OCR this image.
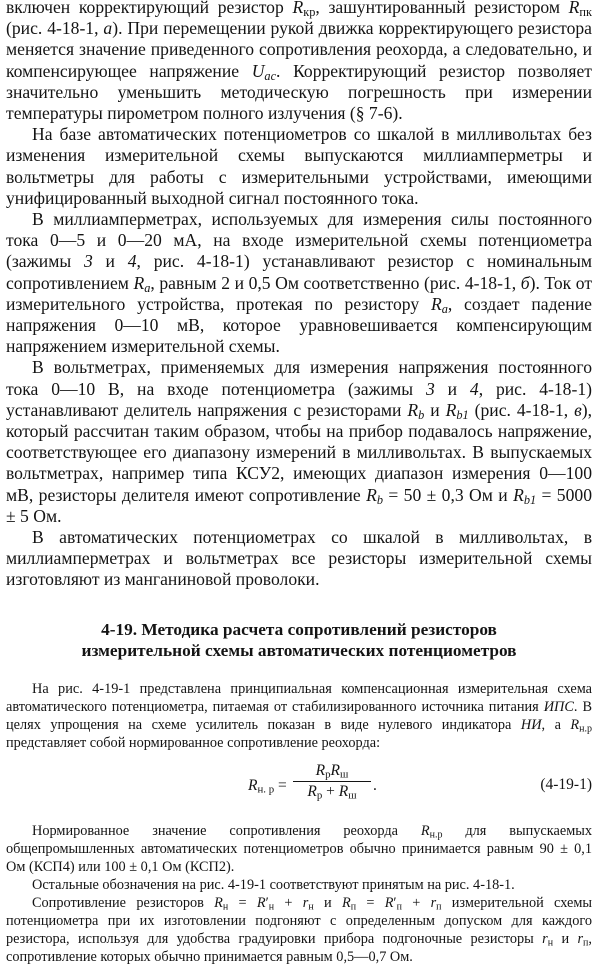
включен корректирующий резистор $R_{кр}$, зашунтированный резистором $R_{пк}$ (рис. 4-18-1, а). При перемещении рукой движка корректирующего резистора меняется значение приведенного сопротивления реохорда, а следовательно, и компенсирующее напряжение $U_{ac}$. Корректирующий резистор позволяет значительно уменьшить методическую погрешность при измерении температуры пирометром полного излучения (§ 7-6).

На базе автоматических потенциометров со шкалой в милливольтах без изменения измерительной схемы выпускаются миллиамперметры и вольтметры для работы с измерительными устройствами, имеющими унифицированный выходной сигнал постоянного тока.

В миллиамперметрах, используемых для измерения силы постоянного тока 0—5 и 0—20 мА, на входе измерительной схемы потенциометра (зажимы 3 и 4, рис. 4-18-1) устанавливают резистор с номинальным сопротивлением $R_a$, равным 2 и 0,5 Ом соответственно (рис. 4-18-1, б). Ток от измерительного устройства, протекая по резистору $R_a$, создает падение напряжения 0—10 мВ, которое уравновешивается компенсирующим напряжением измерительной схемы.

В вольтметрах, применяемых для измерения напряжения постоянного тока 0—10 В, на входе потенциометра (зажимы 3 и 4, рис. 4-18-1) устанавливают делитель напряжения с резисторами $R_b$ и $R_{b1}$ (рис. 4-18-1, в), который рассчитан таким образом, чтобы на прибор подавалось напряжение, соответствующее его диапазону измерений в милливольтах. В выпускаемых вольтметрах, например типа КСУ2, имеющих диапазон измерения 0—100 мВ, резисторы делителя имеют сопротивление $R_b = 50 \pm 0,3$ Ом и $R_{b1} = 5000 \pm 5$ Ом.

В автоматических потенциометрах со шкалой в милливольтах, в миллиамперметрах и вольтметрах все резисторы измерительной схемы изготовляют из манганиновой проволоки.

4-19. Методика расчета сопротивлений резисторов
измерительной схемы автоматических потенциометров

На рис. 4-19-1 представлена принципиальная компенсационная измерительная схема автоматического потенциометра, питаемая от стабилизированного источника питания ИПС. В целях упрощения на схеме усилитель показан в виде нулевого индикатора НИ, а $R_{н.р}$ представляет собой нормированное сопротивление реохорда:

$R_{н. р}$ =
$R_рR_ш$
$R_р + R_ш$
.	(4-19-1)

Нормированное значение сопротивления реохорда $R_{н.р}$ для выпускаемых общепромышленных автоматических потенциометров обычно принимается равным 90 ± 0,1 Ом (КСП4) или 100 ± 0,1 Ом (КСП2).

Остальные обозначения на рис. 4-19-1 соответствуют принятым на рис. 4-18-1.

Сопротивление резисторов $R_н = R'_н + r_н$ и $R_п = R'_п + r_п$ измерительной схемы потенциометра при их изготовлении подгоняют с определенным допуском для каждого резистора, используя для удобства градуировки прибора подгоночные резисторы $r_н$ и $r_п$, сопротивление которых обычно принимается равным 0,5—0,7 Ом.
